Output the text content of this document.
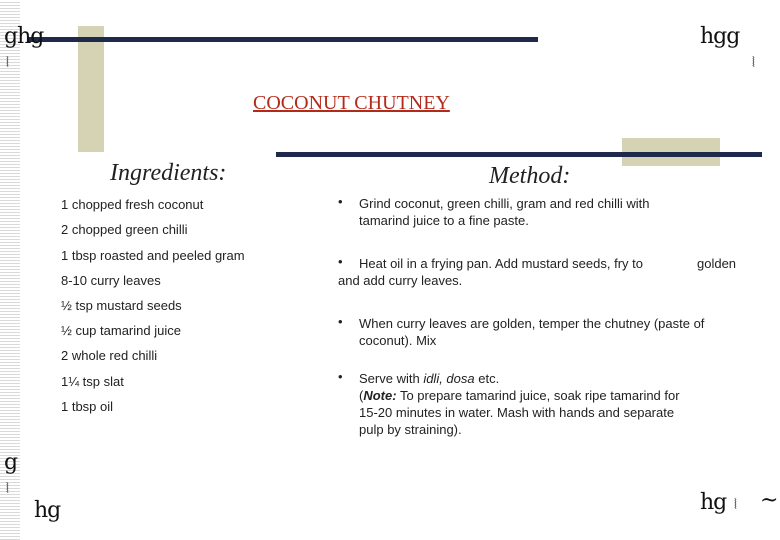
ghg
⦚
hgg
⦚
COCONUT CHUTNEY
Ingredients:	Method:
1 chopped fresh coconut
2 chopped green chilli
1 tbsp roasted and peeled gram
8-10 curry leaves
½ tsp mustard seeds
½ cup tamarind juice
2 whole red chilli
1¼ tsp slat
1 tbsp oil
• Grind coconut, green chilli, gram and red chilli with
tamarind juice to a fine paste.
• Heat oil in a frying pan. Add mustard seeds, fry to	golden
and add curry leaves.
• When curry leaves are golden, temper the chutney (paste of
coconut). Mix
• Serve with idli, dosa etc.
(Note: To prepare tamarind juice, soak ripe tamarind for
15-20 minutes in water. Mash with hands and separate
pulp by straining).
g
⦚
hg	hg ⦚ ~
